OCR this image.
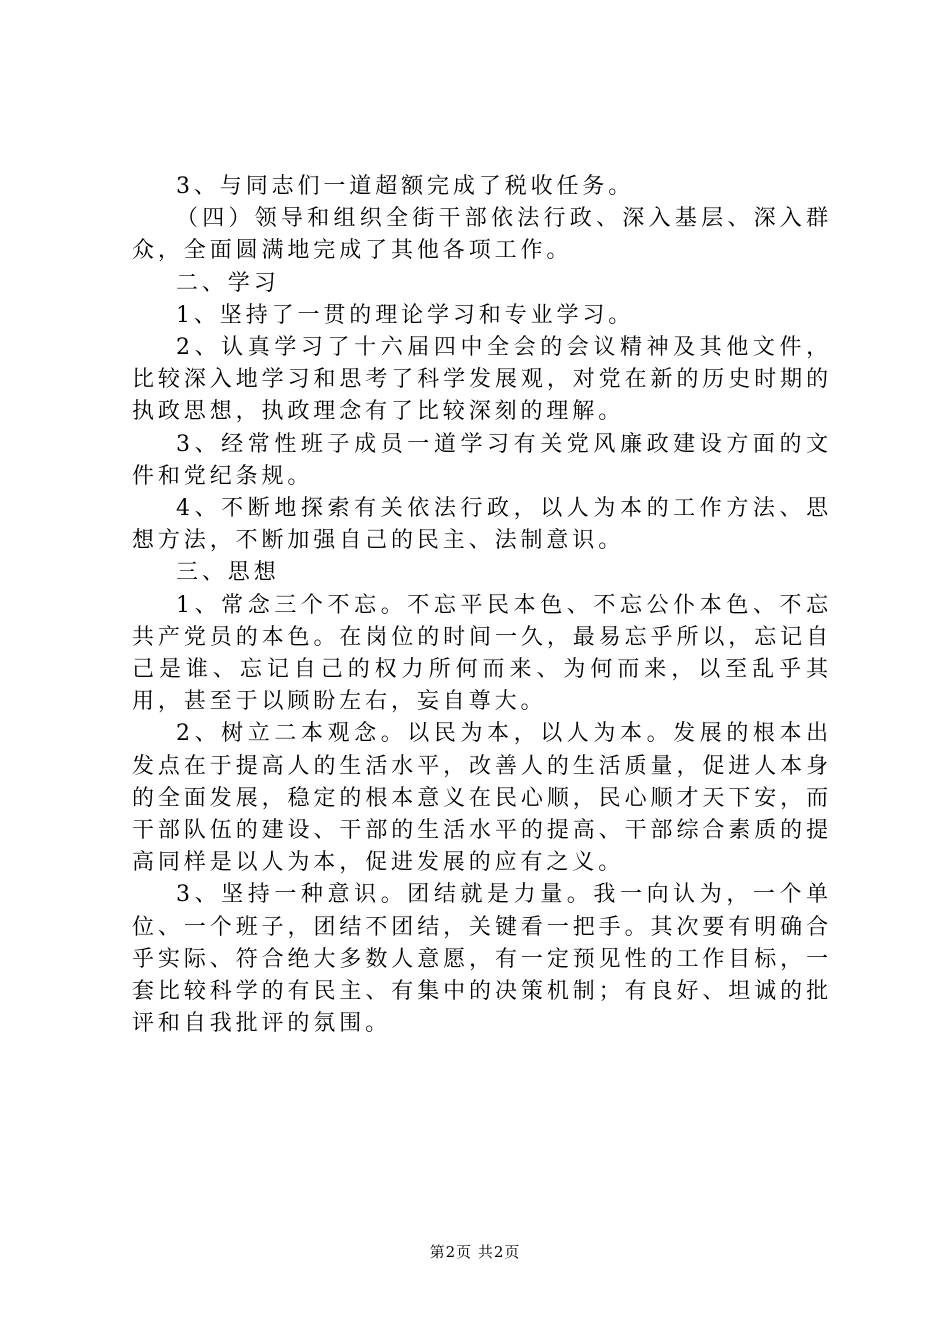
3、与同志们一道超额完成了税收任务。

（四）领导和组织全街干部依法行政、深入基层、深入群众，全面圆满地完成了其他各项工作。

二、学习

1、坚持了一贯的理论学习和专业学习。

2、认真学习了十六届四中全会的会议精神及其他文件，比较深入地学习和思考了科学发展观，对党在新的历史时期的执政思想，执政理念有了比较深刻的理解。

3、经常性班子成员一道学习有关党风廉政建设方面的文件和党纪条规。

4、不断地探索有关依法行政，以人为本的工作方法、思想方法，不断加强自己的民主、法制意识。

三、思想

1、常念三个不忘。不忘平民本色、不忘公仆本色、不忘共产党员的本色。在岗位的时间一久，最易忘乎所以，忘记自己是谁、忘记自己的权力所何而来、为何而来，以至乱乎其用，甚至于以顾盼左右，妄自尊大。

2、树立二本观念。以民为本，以人为本。发展的根本出发点在于提高人的生活水平，改善人的生活质量，促进人本身的全面发展，稳定的根本意义在民心顺，民心顺才天下安，而干部队伍的建设、干部的生活水平的提高、干部综合素质的提高同样是以人为本，促进发展的应有之义。

3、坚持一种意识。团结就是力量。我一向认为，一个单位、一个班子，团结不团结，关键看一把手。其次要有明确合乎实际、符合绝大多数人意愿，有一定预见性的工作目标，一套比较科学的有民主、有集中的决策机制；有良好、坦诚的批评和自我批评的氛围。

第2页 共2页
